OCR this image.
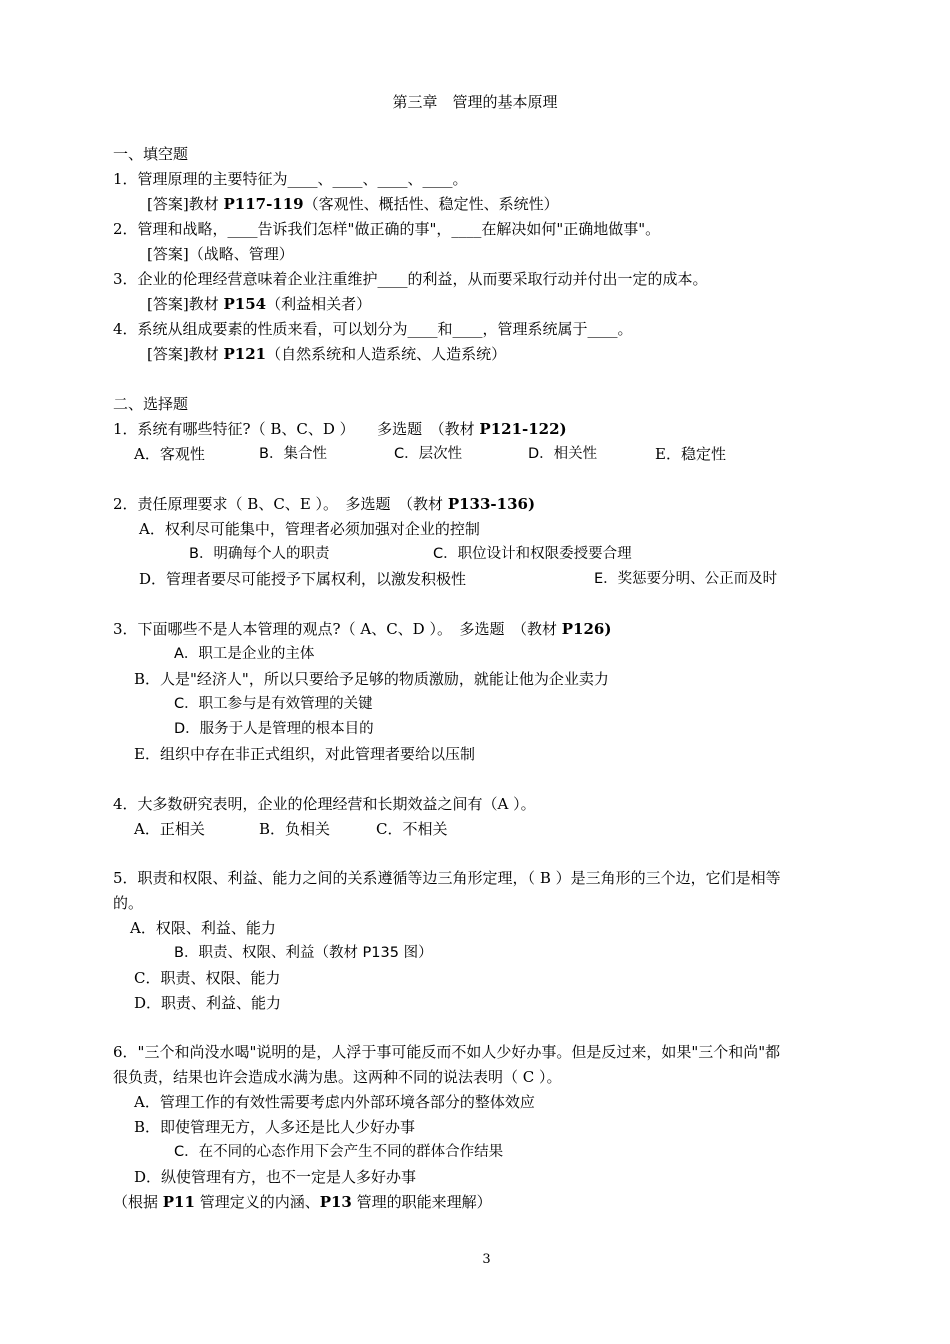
第三章　管理的基本原理
一、填空题
1．管理原理的主要特征为____、____、____、____。
[答案]教材 P117-119（客观性、概括性、稳定性、系统性）
2．管理和战略，____告诉我们怎样"做正确的事"，____在解决如何"正确地做事"。
[答案]（战略、管理）
3．企业的伦理经营意味着企业注重维护____的利益，从而要采取行动并付出一定的成本。
[答案]教材 P154（利益相关者）
4．系统从组成要素的性质来看，可以划分为____和____，管理系统属于____。
[答案]教材 P121（自然系统和人造系统、人造系统）
二、选择题
1．系统有哪些特征?（ B、C、D ）　　多选题　（教材 P121-122)
A．客观性	B．集合性	C．层次性	D．相关性	E．稳定性
2．责任原理要求（ B、C、E ）。　多选题　（教材 P133-136)
A．权利尽可能集中，管理者必须加强对企业的控制
B．明确每个人的职责	C．职位设计和权限委授要合理
D．管理者要尽可能授予下属权利，以激发积极性	E．奖惩要分明、公正而及时
3．下面哪些不是人本管理的观点?（ A、C、D ）。　多选题　（教材 P126)
A．职工是企业的主体
B．人是"经济人"，所以只要给予足够的物质激励，就能让他为企业卖力
C．职工参与是有效管理的关键
D．服务于人是管理的根本目的
E．组织中存在非正式组织，对此管理者要给以压制
4．大多数研究表明，企业的伦理经营和长期效益之间有（A ）。
A．正相关	B．负相关	C．不相关
5．职责和权限、利益、能力之间的关系遵循等边三角形定理，（ B ）是三角形的三个边，它们是相等
的。
A．权限、利益、能力
B．职责、权限、利益（教材 P135 图）
C．职责、权限、能力
D．职责、利益、能力
6．"三个和尚没水喝"说明的是，人浮于事可能反而不如人少好办事。但是反过来，如果"三个和尚"都
很负责，结果也许会造成水满为患。这两种不同的说法表明（ C ）。
A．管理工作的有效性需要考虑内外部环境各部分的整体效应
B．即使管理无方，人多还是比人少好办事
C．在不同的心态作用下会产生不同的群体合作结果
D．纵使管理有方，也不一定是人多好办事
（根据 P11 管理定义的内涵、P13 管理的职能来理解）
3
